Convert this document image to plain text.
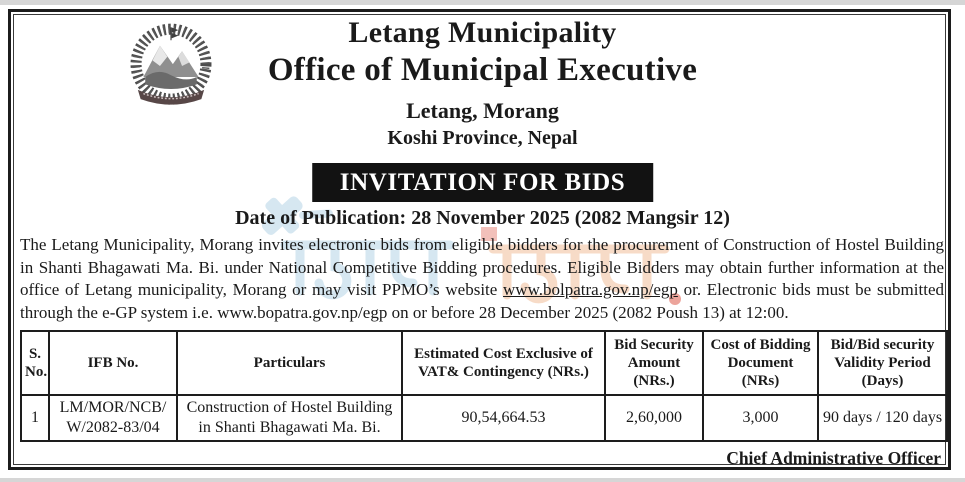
Letang Municipality
Office of Municipal Executive
Letang, Morang
Koshi Province, Nepal
INVITATION FOR BIDS
Date of Publication: 28 November 2025 (2082 Mangsir 12)

The Letang Municipality, Morang invites electronic bids from eligible bidders for the procurement of Construction of Hostel Building in Shanti Bhagawati Ma. Bi. under National Competitive Bidding procedures. Eligible Bidders may obtain further information at the office of Letang municipality, Morang or may visit PPMO’s website www.bolpatra.gov.np/egp or. Electronic bids must be submitted through the e-GP system i.e. www.bopatra.gov.np/egp on or before 28 December 2025 (2082 Poush 13) at 12:00.

S. No.	IFB No.	Particulars	Estimated Cost Exclusive of VAT& Contingency (NRs.)	Bid Security Amount (NRs.)	Cost of Bidding Document (NRs)	Bid/Bid security Validity Period (Days)
1	LM/MOR/NCB/ W/2082-83/04	Construction of Hostel Building in Shanti Bhagawati Ma. Bi.	90,54,664.53	2,60,000	3,000	90 days / 120 days
Chief Administrative Officer
